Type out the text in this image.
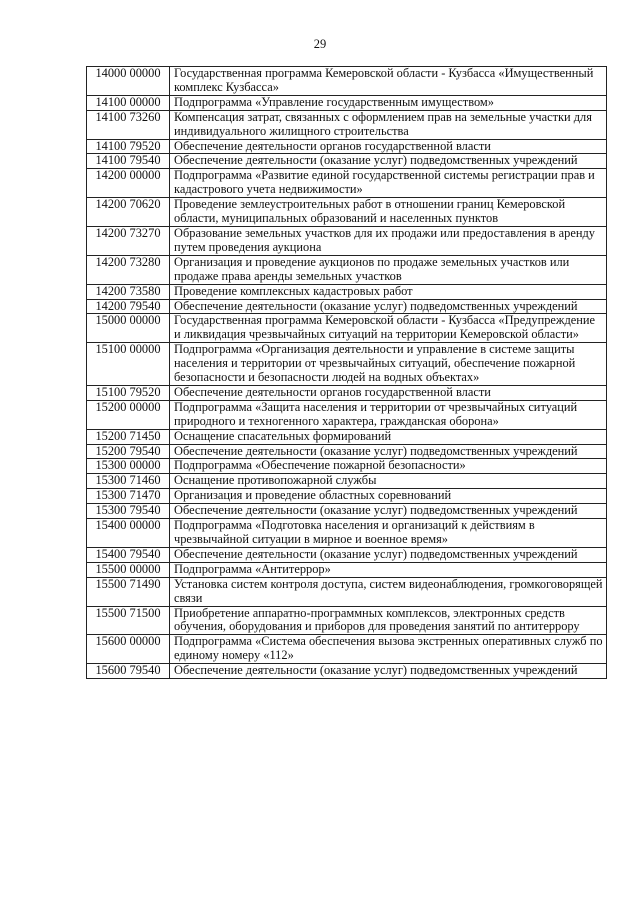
29
14000 00000	Государственная программа Кемеровской области - Кузбасса «Имущественный комплекс Кузбасса»
14100 00000	Подпрограмма «Управление государственным имуществом»
14100 73260	Компенсация затрат, связанных с оформлением прав на земельные участки для индивидуального жилищного строительства
14100 79520	Обеспечение деятельности органов государственной власти
14100 79540	Обеспечение деятельности (оказание услуг) подведомственных учреждений
14200 00000	Подпрограмма «Развитие единой государственной системы регистрации прав и кадастрового учета недвижимости»
14200 70620	Проведение землеустроительных работ в отношении границ Кемеровской области, муниципальных образований и населенных пунктов
14200 73270	Образование земельных участков для их продажи или предоставления в аренду путем проведения аукциона
14200 73280	Организация и проведение аукционов по продаже земельных участков или продаже права аренды земельных участков
14200 73580	Проведение комплексных кадастровых работ
14200 79540	Обеспечение деятельности (оказание услуг) подведомственных учреждений
15000 00000	Государственная программа Кемеровской области - Кузбасса «Предупреждение и ликвидация чрезвычайных ситуаций на территории Кемеровской области»
15100 00000	Подпрограмма «Организация деятельности и управление в системе защиты населения и территории от чрезвычайных ситуаций, обеспечение пожарной безопасности и безопасности людей на водных объектах»
15100 79520	Обеспечение деятельности органов государственной власти
15200 00000	Подпрограмма «Защита населения и территории от чрезвычайных ситуаций природного и техногенного характера, гражданская оборона»
15200 71450	Оснащение спасательных формирований
15200 79540	Обеспечение деятельности (оказание услуг) подведомственных учреждений
15300 00000	Подпрограмма «Обеспечение пожарной безопасности»
15300 71460	Оснащение противопожарной службы
15300 71470	Организация и проведение областных соревнований
15300 79540	Обеспечение деятельности (оказание услуг) подведомственных учреждений
15400 00000	Подпрограмма «Подготовка населения и организаций к действиям в чрезвычайной ситуации в мирное и военное время»
15400 79540	Обеспечение деятельности (оказание услуг) подведомственных учреждений
15500 00000	Подпрограмма «Антитеррор»
15500 71490	Установка систем контроля доступа, систем видеонаблюдения, громкоговорящей связи
15500 71500	Приобретение аппаратно-программных комплексов, электронных средств обучения, оборудования и приборов для проведения занятий по антитеррору
15600 00000	Подпрограмма «Система обеспечения вызова экстренных оперативных служб по единому номеру «112»
15600 79540	Обеспечение деятельности (оказание услуг) подведомственных учреждений
